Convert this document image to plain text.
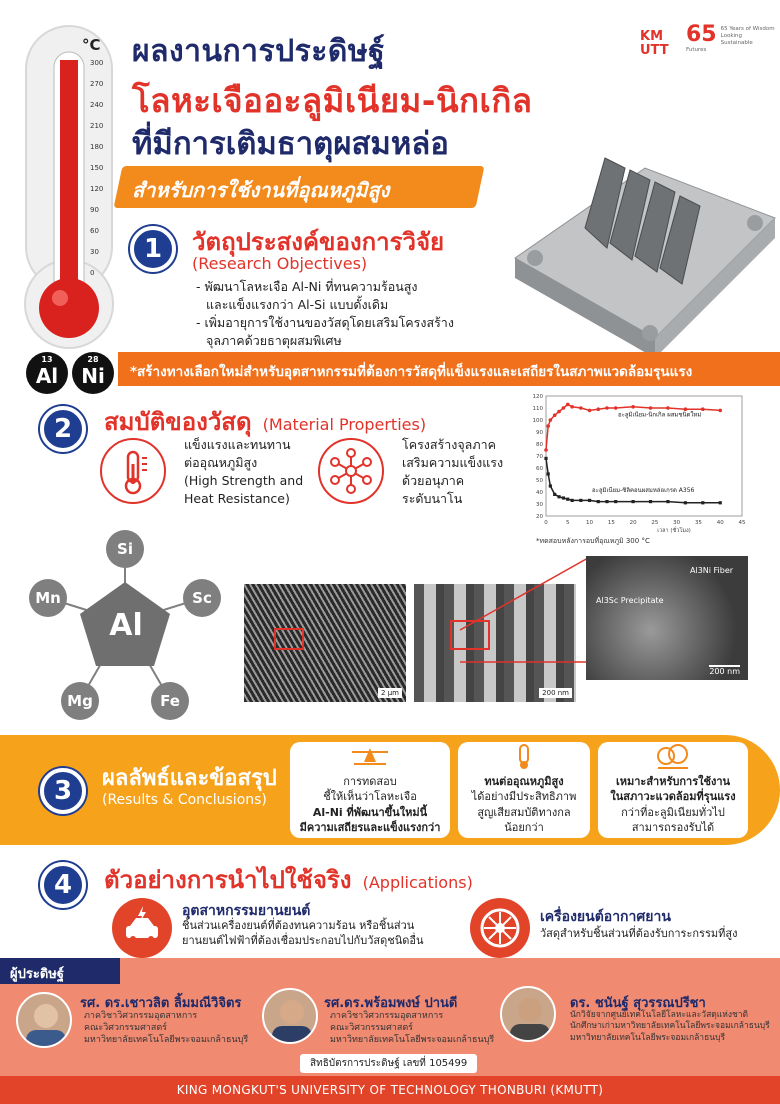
°C
300
270
240
210
180
150
120
90
60
30
0
ผลงานการประดิษฐ์
โลหะเจืออะลูมิเนียม-นิกเกิล
ที่มีการเติมธาตุผสมหล่อ
สำหรับการใช้งานที่อุณหภูมิสูง
KM UTT
65 65 Years of Wisdom
Looking
Sustainable
Futures
1	วัตถุประสงค์ของการวิจัย
(Research Objectives)
- พัฒนาโลหะเจือ Al-Ni ที่ทนความร้อนสูง
และแข็งแรงกว่า Al-Si แบบดั้งเดิม
- เพิ่มอายุการใช้งานของวัสดุโดยเสริมโครงสร้าง
จุลภาคด้วยธาตุผสมพิเศษ
13
Al
28
Ni *สร้างทางเลือกใหม่สำหรับอุตสาหกรรมที่ต้องการวัสดุที่แข็งแรงและเสถียรในสภาพแวดล้อมรุนแรง
2	สมบัติของวัสดุ (Material Properties)
แข็งแรงและทนทาน
ต่ออุณหภูมิสูง
(High Strength and
Heat Resistance)
โครงสร้างจุลภาค
เสริมความแข็งแรง
ด้วยอนุภาค
ระดับนาโน
120
110
100
90
80
70
60
50
40
30
20
0	5	10	15	20	25	30	35	40	45
เวลา (ชั่วโมง)
อะลูมิเนียม-นิกเกิล ผสมชนิดใหม่
อะลูมิเนียม-ซิลิคอนผสมหล่อเกรด A356
*ทดสอบหลังการอบที่อุณหภูมิ 300 °C
Al
Si
Sc
Fe
Mg
Mn
2 µm	200 nm
Al3Ni Fiber
Al3Sc Precipitate
200 nm
3	ผลลัพธ์และข้อสรุป
(Results & Conclusions)
การทดสอบ
ชี้ให้เห็นว่าโลหะเจือ
Al-Ni ที่พัฒนาขึ้นใหม่นี้
มีความเสถียรและแข็งแรงกว่า
ทนต่ออุณหภูมิสูง
ได้อย่างมีประสิทธิภาพ
สูญเสียสมบัติทางกล
น้อยกว่า
เหมาะสำหรับการใช้งาน
ในสภาวะแวดล้อมที่รุนแรง
กว่าที่อะลูมิเนียมทั่วไป
สามารถรองรับได้
4	ตัวอย่างการนำไปใช้จริง (Applications)
อุตสาหกรรมยานยนต์
ชิ้นส่วนเครื่องยนต์ที่ต้องทนความร้อน หรือชิ้นส่วน
ยานยนต์ไฟฟ้าที่ต้องเชื่อมประกอบไปกับวัสดุชนิดอื่น
เครื่องยนต์อากาศยาน
วัสดุสำหรับชิ้นส่วนที่ต้องรับการะกรรมที่สูง
ผู้ประดิษฐ์
รศ. ดร.เชาวลิต ลิ้มมณีวิจิตร
ภาควิชาวิศวกรรมอุตสาหการ
คณะวิศวกรรมศาสตร์
มหาวิทยาลัยเทคโนโลยีพระจอมเกล้าธนบุรี
รศ.ดร.พร้อมพงษ์ ปานดี
ภาควิชาวิศวกรรมอุตสาหการ
คณะวิศวกรรมศาสตร์
มหาวิทยาลัยเทคโนโลยีพระจอมเกล้าธนบุรี
ดร. ชนันฐ์ สุวรรณปรีชา
นักวิจัยจากศูนย์เทคโนโลยีโลหะและวัสดุแห่งชาติ
นักศึกษาเก่ามหาวิทยาลัยเทคโนโลยีพระจอมเกล้าธนบุรี
มหาวิทยาลัยเทคโนโลยีพระจอมเกล้าธนบุรี
สิทธิบัตรการประดิษฐ์ เลขที่ 105499
KING MONGKUT'S UNIVERSITY OF TECHNOLOGY THONBURI (KMUTT)
